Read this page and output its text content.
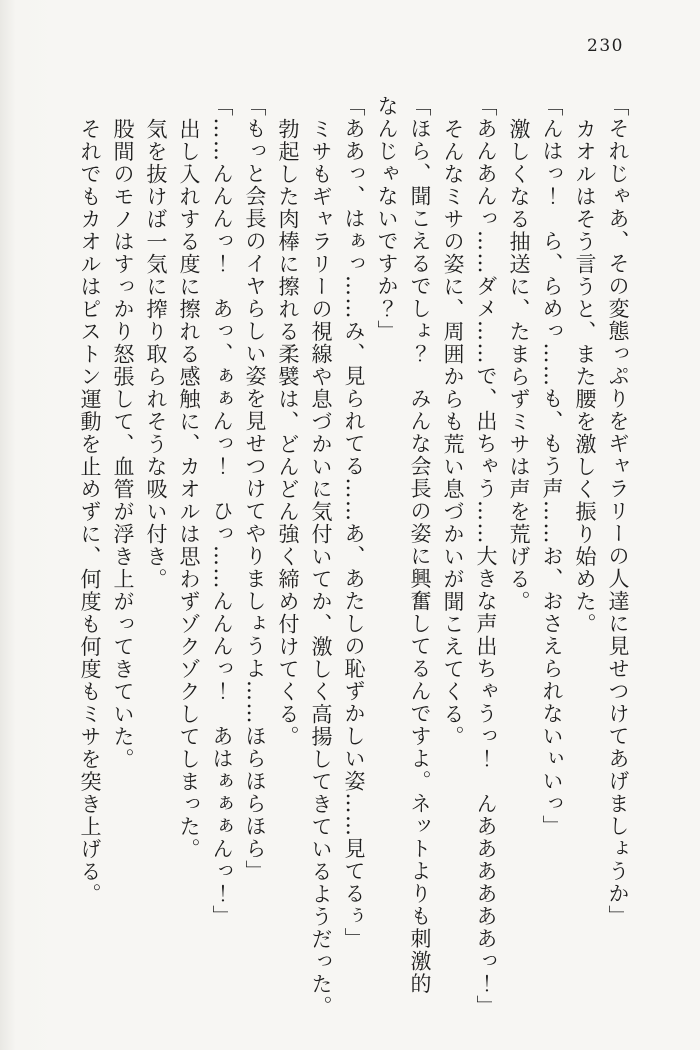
230
「それじゃあ、その変態っぷりをギャラリーの人達に見せつけてあげましょうか」
カオルはそう言うと、また腰を激しく振り始めた。
「んはっ！　ら、らめっ……も、もう声……お、おさえられないぃいっ」
激しくなる抽送に、たまらずミサは声を荒げる。
「あんあんっ……ダメ……で、出ちゃう……大きな声出ちゃうっ！　んああああああっ！」
そんなミサの姿に、周囲からも荒い息づかいが聞こえてくる。
「ほら、聞こえるでしょ？　みんな会長の姿に興奮してるんですよ。ネットよりも刺激的
なんじゃないですか？」
「ああっ、はぁっ……み、見られてる……あ、あたしの恥ずかしい姿……見てるぅ」
ミサもギャラリーの視線や息づかいに気付いてか、激しく高揚してきているようだった。
勃起した肉棒に擦れる柔襞は、どんどん強く締め付けてくる。
「もっと会長のイヤらしい姿を見せつけてやりましょうよ……ほらほらほら」
「……んんんっ！　あっ、ぁぁんっ！　ひっ……んんんっ！　あはぁぁぁんっ！」
出し入れする度に擦れる感触に、カオルは思わずゾクゾクしてしまった。
気を抜けば一気に搾り取られそうな吸い付き。
股間のモノはすっかり怒張して、血管が浮き上がってきていた。
それでもカオルはピストン運動を止めずに、何度も何度もミサを突き上げる。
